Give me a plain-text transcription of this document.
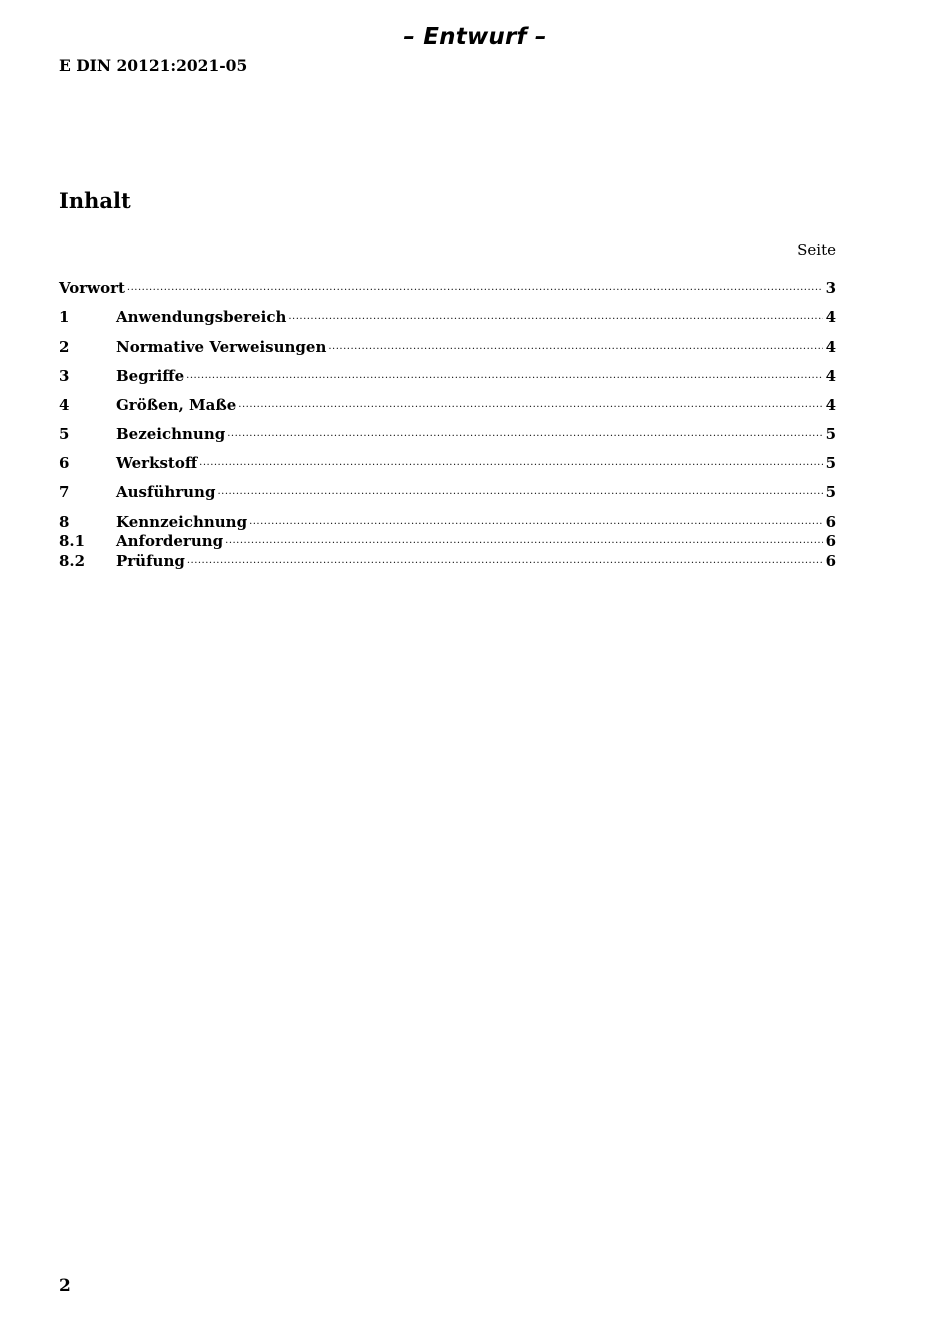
– Entwurf –
E DIN 20121:2021-05
Inhalt
Seite
Vorwort .....	3
1	Anwendungsbereich .....	4
2	Normative Verweisungen .....	4
3	Begriffe .....	4
4	Größen, Maße .....	4
5	Bezeichnung .....	5
6	Werkstoff .....	5
7	Ausführung .....	5
8	Kennzeichnung .....	6
8.1	Anforderung .....	6
8.2	Prüfung .....	6
2
